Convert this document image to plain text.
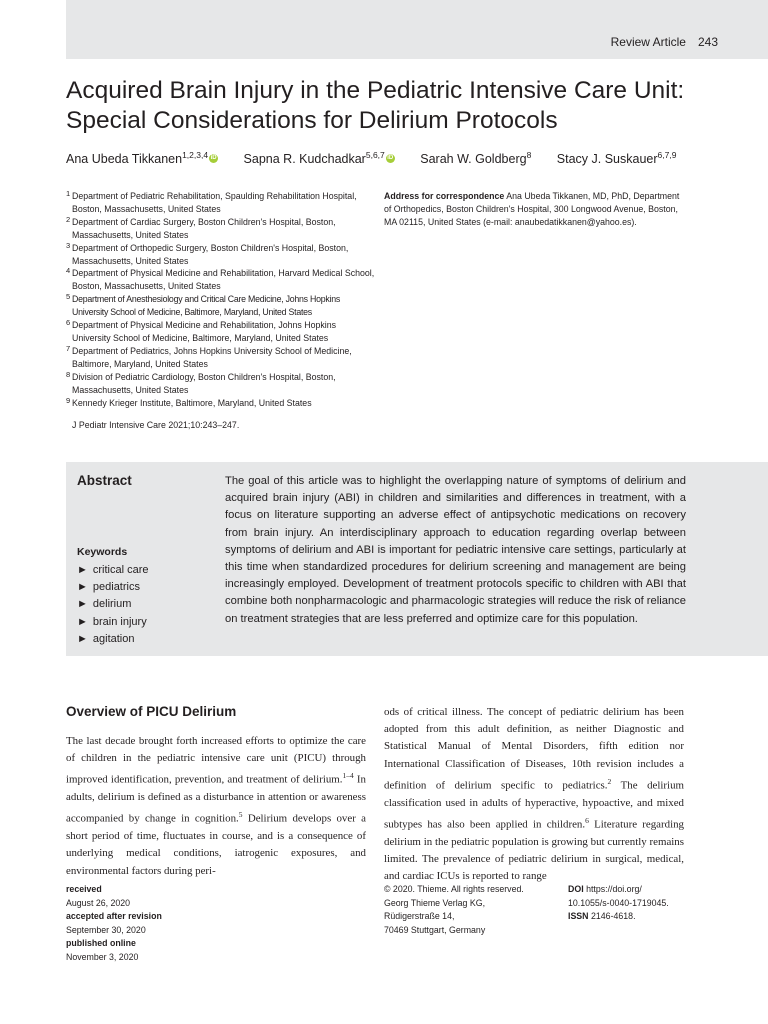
Review Article 243
Acquired Brain Injury in the Pediatric Intensive Care Unit: Special Considerations for Delirium Protocols
Ana Ubeda Tikkanen$^{1,2,3,4}$ iD Sapna R. Kudchadkar$^{5,6,7}$ iD Sarah W. Goldberg$^8$ Stacy J. Suskauer$^{6,7,9}$
1 Department of Pediatric Rehabilitation, Spaulding Rehabilitation Hospital, Boston, Massachusetts, United States
2 Department of Cardiac Surgery, Boston Children's Hospital, Boston, Massachusetts, United States
3 Department of Orthopedic Surgery, Boston Children's Hospital, Boston, Massachusetts, United States
4 Department of Physical Medicine and Rehabilitation, Harvard Medical School, Boston, Massachusetts, United States
5 Department of Anesthesiology and Critical Care Medicine, Johns Hopkins University School of Medicine, Baltimore, Maryland, United States
6 Department of Physical Medicine and Rehabilitation, Johns Hopkins University School of Medicine, Baltimore, Maryland, United States
7 Department of Pediatrics, Johns Hopkins University School of Medicine, Baltimore, Maryland, United States
8 Division of Pediatric Cardiology, Boston Children's Hospital, Boston, Massachusetts, United States
9 Kennedy Krieger Institute, Baltimore, Maryland, United States
Address for correspondence Ana Ubeda Tikkanen, MD, PhD, Department of Orthopedics, Boston Children's Hospital, 300 Longwood Avenue, Boston, MA 02115, United States (e-mail: anaubedatikkanen@yahoo.es).
J Pediatr Intensive Care 2021;10:243–247.
Abstract	The goal of this article was to highlight the overlapping nature of symptoms of delirium and acquired brain injury (ABI) in children and similarities and differences in treatment, with a focus on literature supporting an adverse effect of antipsychotic medications on recovery from brain injury. An interdisciplinary approach to education regarding overlap between symptoms of delirium and ABI is important for pediatric intensive care settings, particularly at this time when standardized procedures for delirium screening and management are being increasingly employed. Development of treatment protocols specific to children with ABI that combine both nonpharmacologic and pharmacologic strategies will reduce the risk of reliance on treatment strategies that are less preferred and optimize care for this population.

Keywords
► critical care
► pediatrics
► delirium
► brain injury
► agitation
Overview of PICU Delirium

The last decade brought forth increased efforts to optimize the care of children in the pediatric intensive care unit (PICU) through improved identification, prevention, and treatment of delirium.$^{1-4}$ In adults, delirium is defined as a disturbance in attention or awareness accompanied by change in cognition.$^5$ Delirium develops over a short period of time, fluctuates in course, and is a consequence of underlying medical conditions, iatrogenic exposures, and environmental factors during peri-

ods of critical illness. The concept of pediatric delirium has been adopted from this adult definition, as neither Diagnostic and Statistical Manual of Mental Disorders, fifth edition nor International Classification of Diseases, 10th revision includes a definition of delirium specific to pediatrics.$^2$ The delirium classification used in adults of hyperactive, hypoactive, and mixed subtypes has also been applied in children.$^6$ Literature regarding delirium in the pediatric population is growing but currently remains limited. The prevalence of pediatric delirium in surgical, medical, and cardiac ICUs is reported to range

received
August 26, 2020
accepted after revision
September 30, 2020
published online
November 3, 2020
© 2020. Thieme. All rights reserved.
Georg Thieme Verlag KG,
Rüdigerstraße 14,
70469 Stuttgart, Germany
DOI https://doi.org/
10.1055/s-0040-1719045.
ISSN 2146-4618.
